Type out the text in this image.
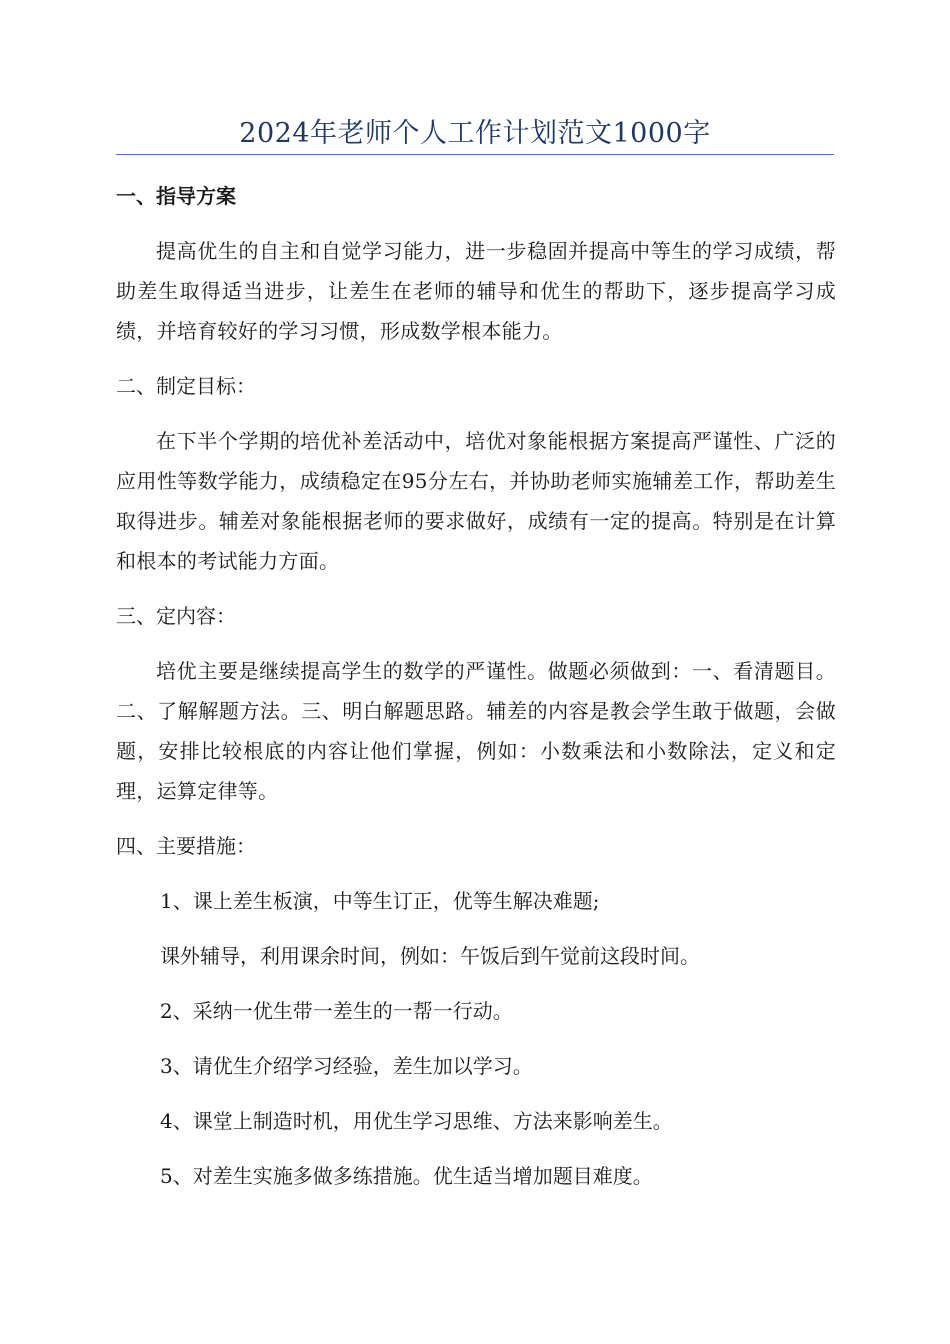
2024年老师个人工作计划范文1000字

一、指导方案

提高优生的自主和自觉学习能力，进一步稳固并提高中等生的学习成绩，帮助差生取得适当进步，让差生在老师的辅导和优生的帮助下，逐步提高学习成绩，并培育较好的学习习惯，形成数学根本能力。

二、制定目标：

在下半个学期的培优补差活动中，培优对象能根据方案提高严谨性、广泛的应用性等数学能力，成绩稳定在95分左右，并协助老师实施辅差工作，帮助差生取得进步。辅差对象能根据老师的要求做好，成绩有一定的提高。特别是在计算和根本的考试能力方面。

三、定内容：

培优主要是继续提高学生的数学的严谨性。做题必须做到：一、看清题目。二、了解解题方法。三、明白解题思路。辅差的内容是教会学生敢于做题，会做题，安排比较根底的内容让他们掌握，例如：小数乘法和小数除法，定义和定理，运算定律等。

四、主要措施：

1、课上差生板演，中等生订正，优等生解决难题;

课外辅导，利用课余时间，例如：午饭后到午觉前这段时间。

2、采纳一优生带一差生的一帮一行动。

3、请优生介绍学习经验，差生加以学习。

4、课堂上制造时机，用优生学习思维、方法来影响差生。

5、对差生实施多做多练措施。优生适当增加题目难度。
